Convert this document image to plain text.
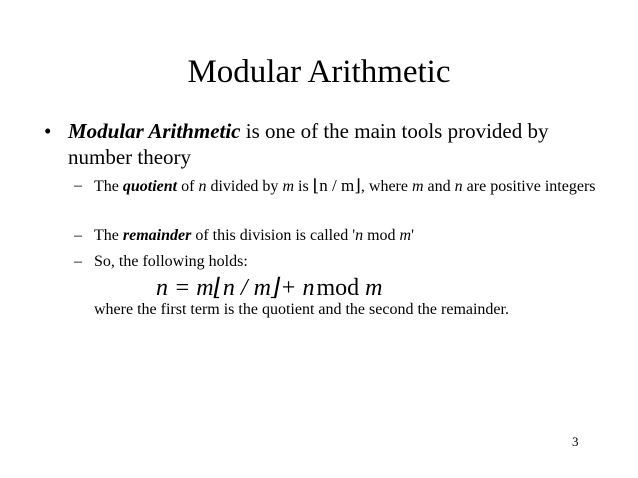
Modular Arithmetic
• Modular Arithmetic is one of the main tools provided by number theory
– The quotient of n divided by m is ⌊n / m⌋, where m and n are positive integers
– The remainder of this division is called 'n mod m'
– So, the following holds:
n = m⌊n / m⌋+ nmod m
where the first term is the quotient and the second the remainder.
3
